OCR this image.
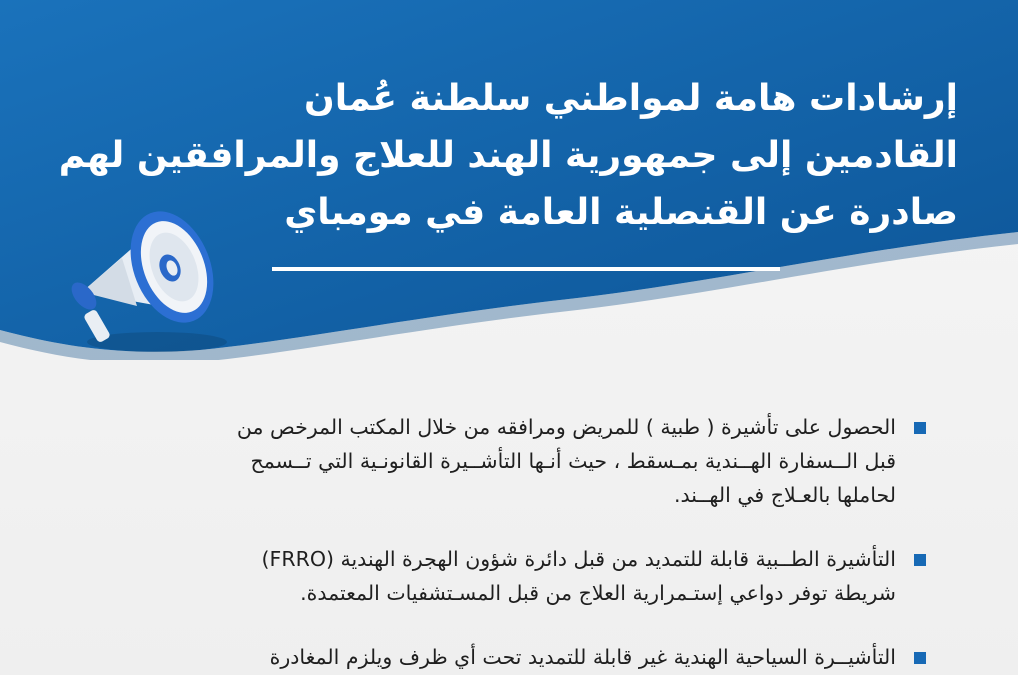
إرشادات هامة لمواطني سلطنة عُمان
القادمين إلى جمهورية الهند للعلاج والمرافقين لهم
صادرة عن القنصلية العامة في مومباي
الحصول على تأشيرة ( طبية ) للمريض ومرافقه من خلال المكتب المرخص من
قبل الــسفارة الهــندية بمـسقط ، حيث أنـها التأشــيرة القانونـية التي تــسمح
لحاملها بالعـلاج في الهــند.
التأشيرة الطــبية قابلة للتمديد من قبل دائرة شؤون الهجرة الهندية (FRRO)
شريطة توفر دواعي إستـمرارية العلاج من قبل المسـتشفيات المعتمدة.
التأشيــرة السياحية الهندية غير قابلة للتمديد تحت أي ظرف ويلزم المغادرة
